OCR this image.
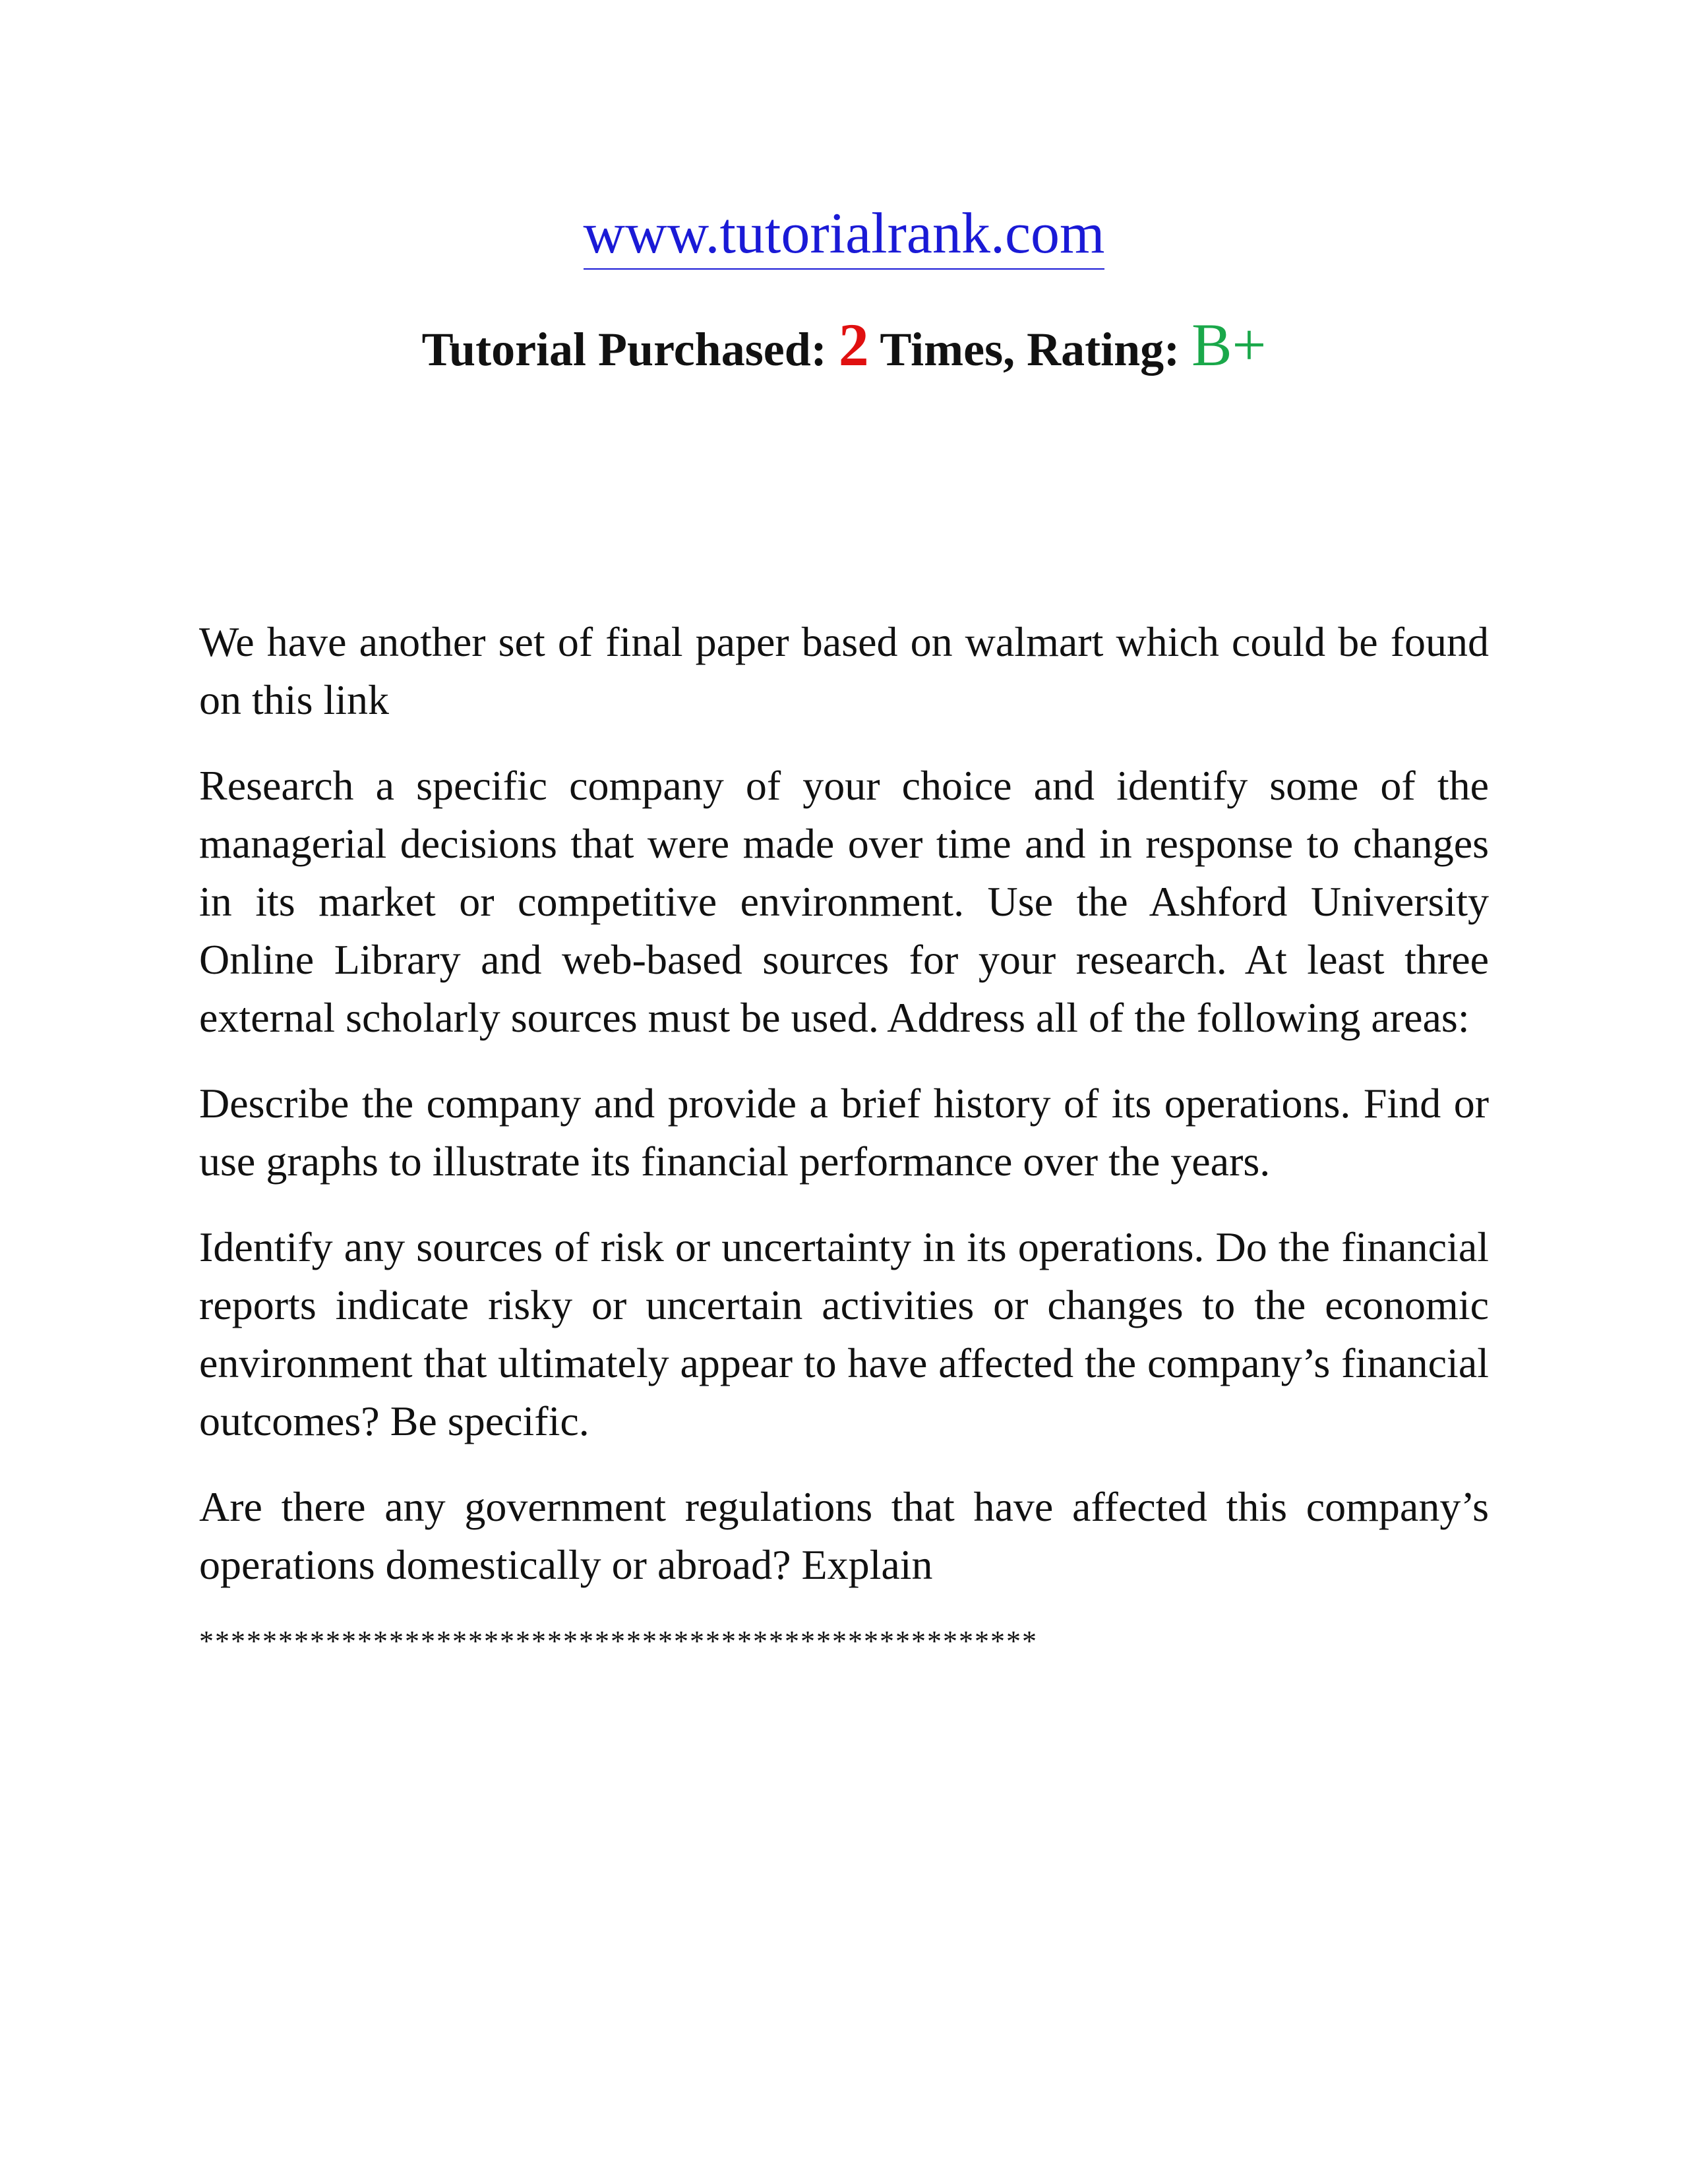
www.tutorialrank.com
Tutorial Purchased: 2 Times, Rating: B+

We have another set of final paper based on walmart which could be found on this link

Research a specific company of your choice and identify some of the managerial decisions that were made over time and in response to changes in its market or competitive environment. Use the Ashford University Online Library and web-based sources for your research. At least three external scholarly sources must be used. Address all of the following areas:

Describe the company and provide a brief history of its operations. Find or use graphs to illustrate its financial performance over the years.

Identify any sources of risk or uncertainty in its operations. Do the financial reports indicate risky or uncertain activities or changes to the economic environment that ultimately appear to have affected the company’s financial outcomes? Be specific.

Are there any government regulations that have affected this company’s operations domestically or abroad? Explain

*****************************************************
